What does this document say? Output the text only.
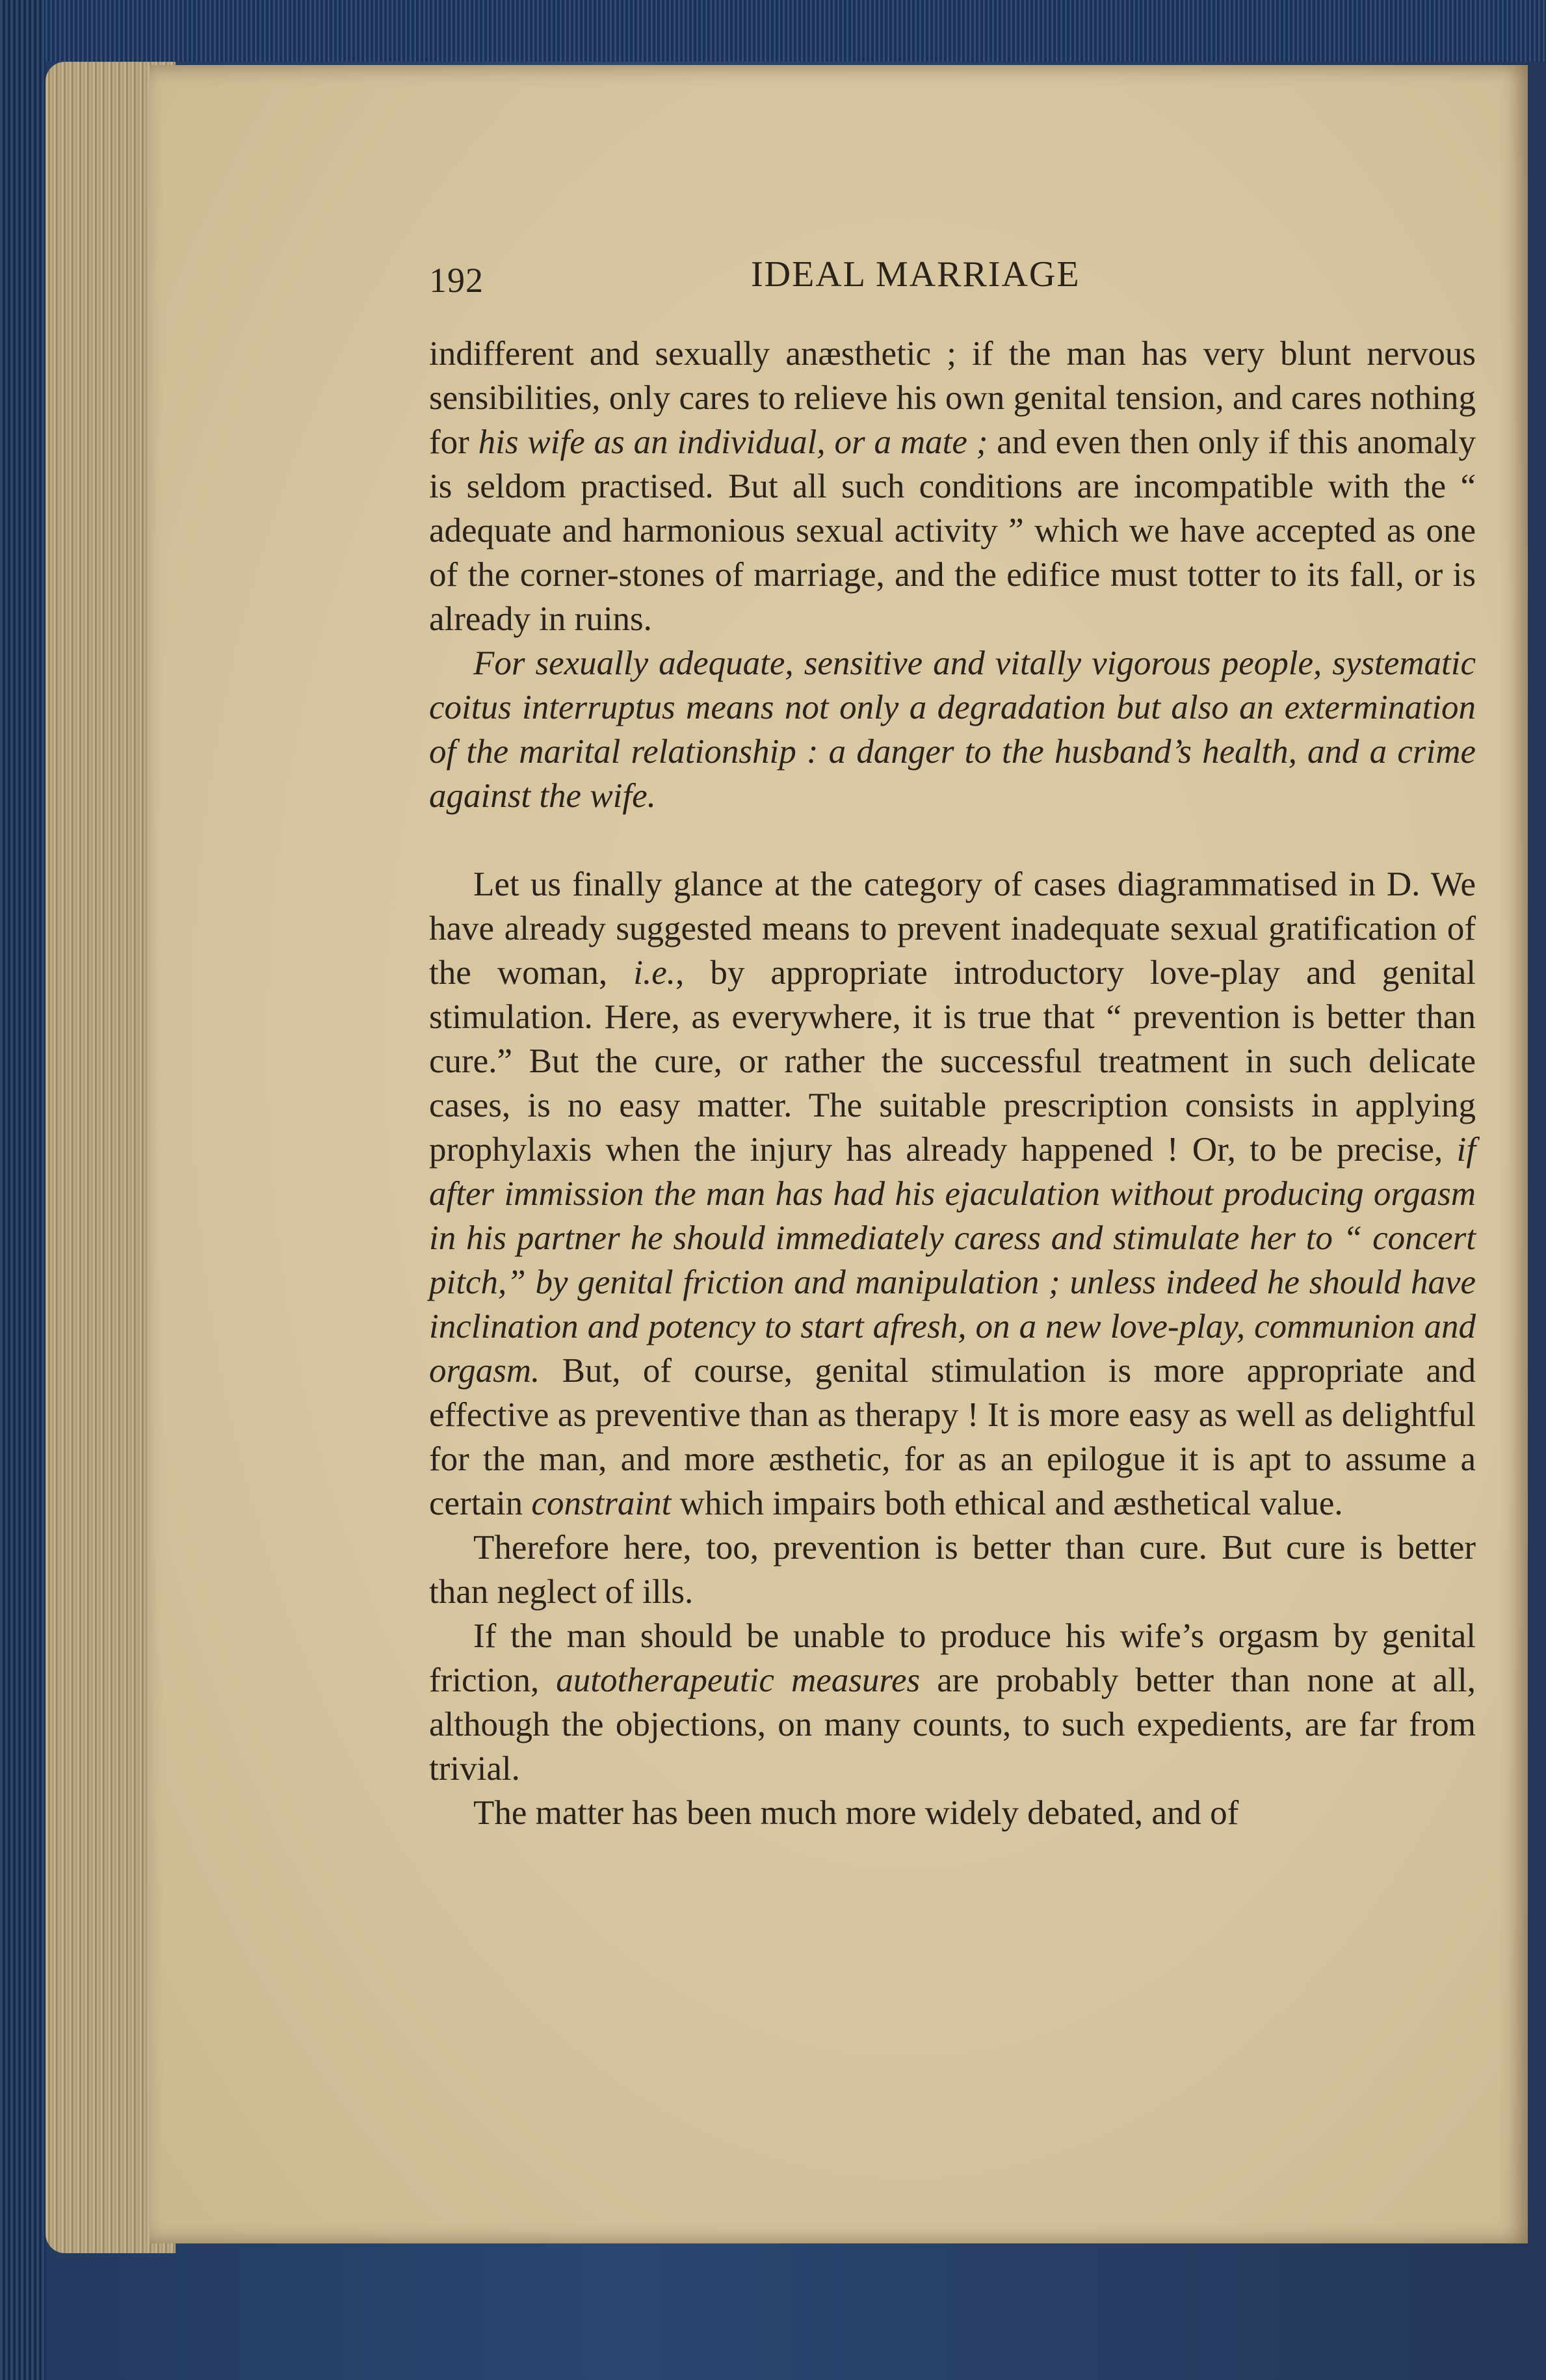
192	IDEAL MARRIAGE

indifferent and sexually anæsthetic ; if the man has very blunt nervous sensibilities, only cares to relieve his own genital tension, and cares nothing for his wife as an individual, or a mate ; and even then only if this anomaly is seldom practised. But all such conditions are incompatible with the “ adequate and harmonious sexual activity ” which we have accepted as one of the corner-stones of marriage, and the edifice must totter to its fall, or is already in ruins.

For sexually adequate, sensitive and vitally vigorous people, systematic coitus interruptus means not only a degradation but also an extermination of the marital relationship : a danger to the husband’s health, and a crime against the wife.

Let us finally glance at the category of cases diagrammatised in D. We have already suggested means to prevent inadequate sexual gratification of the woman, i.e., by appropriate introductory love-play and genital stimulation. Here, as everywhere, it is true that “ prevention is better than cure.” But the cure, or rather the successful treatment in such delicate cases, is no easy matter. The suitable prescription consists in applying prophylaxis when the injury has already happened ! Or, to be precise, if after immission the man has had his ejaculation without producing orgasm in his partner he should immediately caress and stimulate her to “ concert pitch,” by genital friction and manipulation ; unless indeed he should have inclination and potency to start afresh, on a new love-play, communion and orgasm. But, of course, genital stimulation is more appropriate and effective as preventive than as therapy ! It is more easy as well as delightful for the man, and more æsthetic, for as an epilogue it is apt to assume a certain constraint which impairs both ethical and æsthetical value.

Therefore here, too, prevention is better than cure. But cure is better than neglect of ills.

If the man should be unable to produce his wife’s orgasm by genital friction, autotherapeutic measures are probably better than none at all, although the objections, on many counts, to such expedients, are far from trivial.

The matter has been much more widely debated, and of
